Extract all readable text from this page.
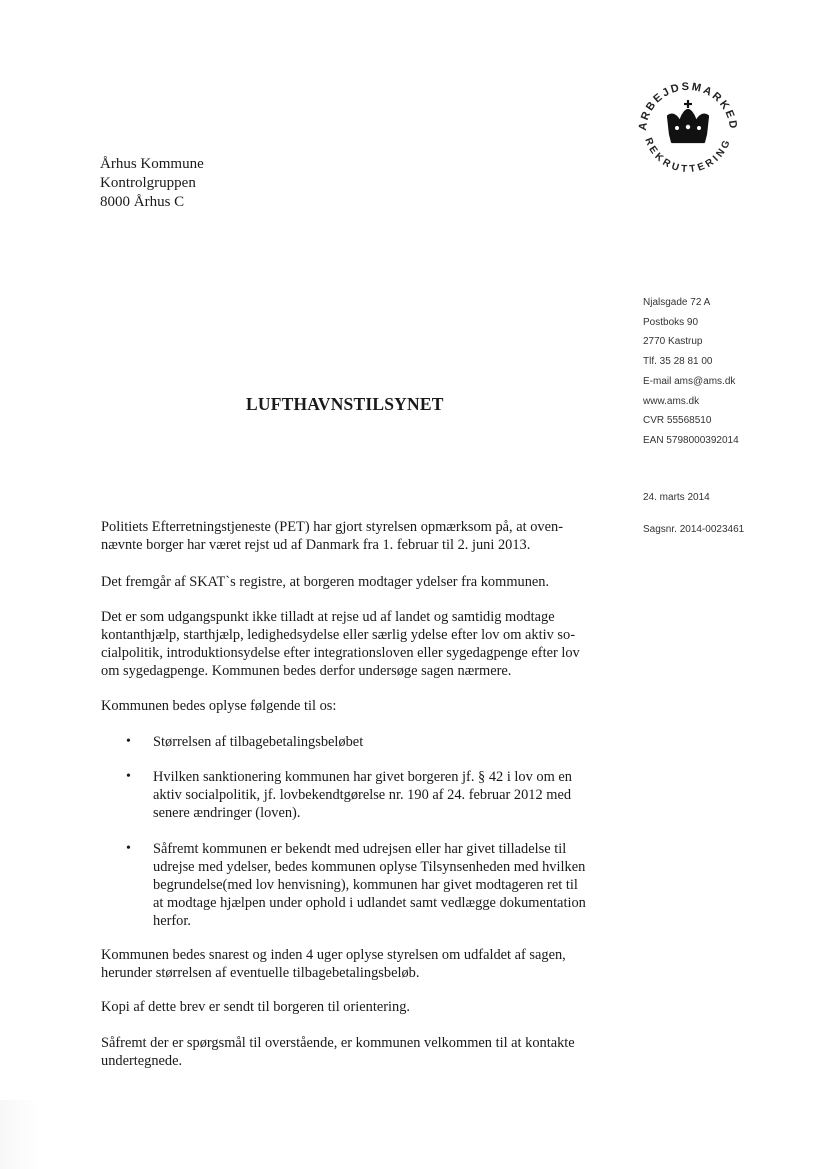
ARBEJDSMARKED
REKRUTTERING
Århus Kommune
Kontrolgruppen
8000 Århus C
Njalsgade 72 A
Postboks 90
2770 Kastrup
Tlf. 35 28 81 00
E-mail ams@ams.dk
www.ams.dk
CVR 55568510
EAN 5798000392014
24. marts 2014
Sagsnr. 2014-0023461
LUFTHAVNSTILSYNET
Politiets Efterretningstjeneste (PET) har gjort styrelsen opmærksom på, at oven-
nævnte borger har været rejst ud af Danmark fra 1. februar til 2. juni 2013.
Det fremgår af SKAT`s registre, at borgeren modtager ydelser fra kommunen.
Det er som udgangspunkt ikke tilladt at rejse ud af landet og samtidig modtage
kontanthjælp, starthjælp, ledighedsydelse eller særlig ydelse efter lov om aktiv so-
cialpolitik, introduktionsydelse efter integrationsloven eller sygedagpenge efter lov
om sygedagpenge. Kommunen bedes derfor undersøge sagen nærmere.
Kommunen bedes oplyse følgende til os:
• Størrelsen af tilbagebetalingsbeløbet
• Hvilken sanktionering kommunen har givet borgeren jf. § 42 i lov om en
aktiv socialpolitik, jf. lovbekendtgørelse nr. 190 af 24. februar 2012 med
senere ændringer (loven).
• Såfremt kommunen er bekendt med udrejsen eller har givet tilladelse til
udrejse med ydelser, bedes kommunen oplyse Tilsynsenheden med hvilken
begrundelse(med lov henvisning), kommunen har givet modtageren ret til
at modtage hjælpen under ophold i udlandet samt vedlægge dokumentation
herfor.
Kommunen bedes snarest og inden 4 uger oplyse styrelsen om udfaldet af sagen,
herunder størrelsen af eventuelle tilbagebetalingsbeløb.
Kopi af dette brev er sendt til borgeren til orientering.
Såfremt der er spørgsmål til overstående, er kommunen velkommen til at kontakte
undertegnede.
